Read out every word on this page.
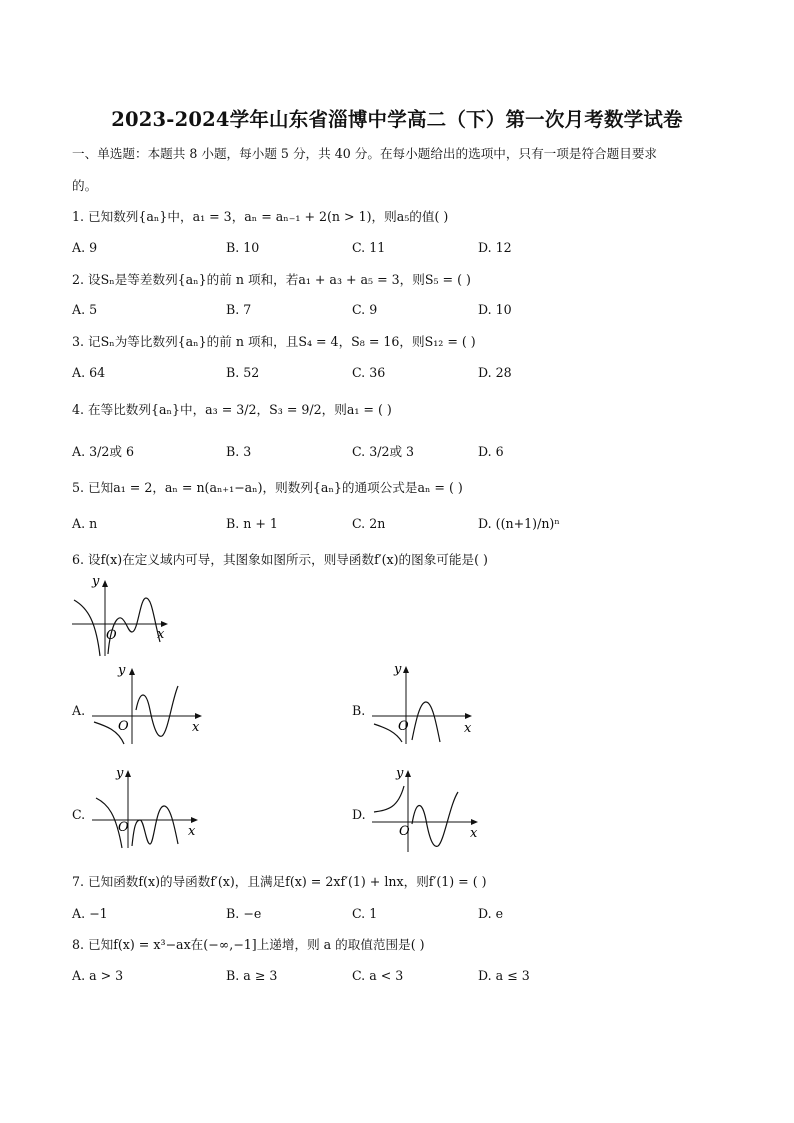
2023-2024学年山东省淄博中学高二（下）第一次月考数学试卷
一、单选题：本题共 8 小题，每小题 5 分，共 40 分。在每小题给出的选项中，只有一项是符合题目要求
的。
1. 已知数列{aₙ}中，a₁ = 3，aₙ = aₙ₋₁ + 2(n > 1)，则a₅的值( )
A. 9	B. 10	C. 11	D. 12
2. 设Sₙ是等差数列{aₙ}的前 n 项和，若a₁ + a₃ + a₅ = 3，则S₅ = ( )
A. 5	B. 7	C. 9	D. 10
3. 记Sₙ为等比数列{aₙ}的前 n 项和，且S₄ = 4，S₈ = 16，则S₁₂ = ( )
A. 64	B. 52	C. 36	D. 28
4. 在等比数列{aₙ}中，a₃ = 3/2，S₃ = 9/2，则a₁ = ( )
A. 3/2或 6	B. 3	C. 3/2或 3	D. 6
5. 已知a₁ = 2，aₙ = n(aₙ₊₁−aₙ)，则数列{aₙ}的通项公式是aₙ = ( )
A. n	B. n + 1	C. 2n	D. ((n+1)/n)ⁿ
6. 设f(x)在定义域内可导，其图象如图所示，则导函数f′(x)的图象可能是( )
y
x
O
A.
y
x
O
B.
y
x
O
C.
y
x
O
D.
y
x
O
7. 已知函数f(x)的导函数f′(x)，且满足f(x) = 2xf′(1) + lnx，则f′(1) = ( )
A. −1	B. −e	C. 1	D. e
8. 已知f(x) = x³−ax在(−∞,−1]上递增，则 a 的取值范围是( )
A. a > 3	B. a ≥ 3	C. a < 3	D. a ≤ 3
